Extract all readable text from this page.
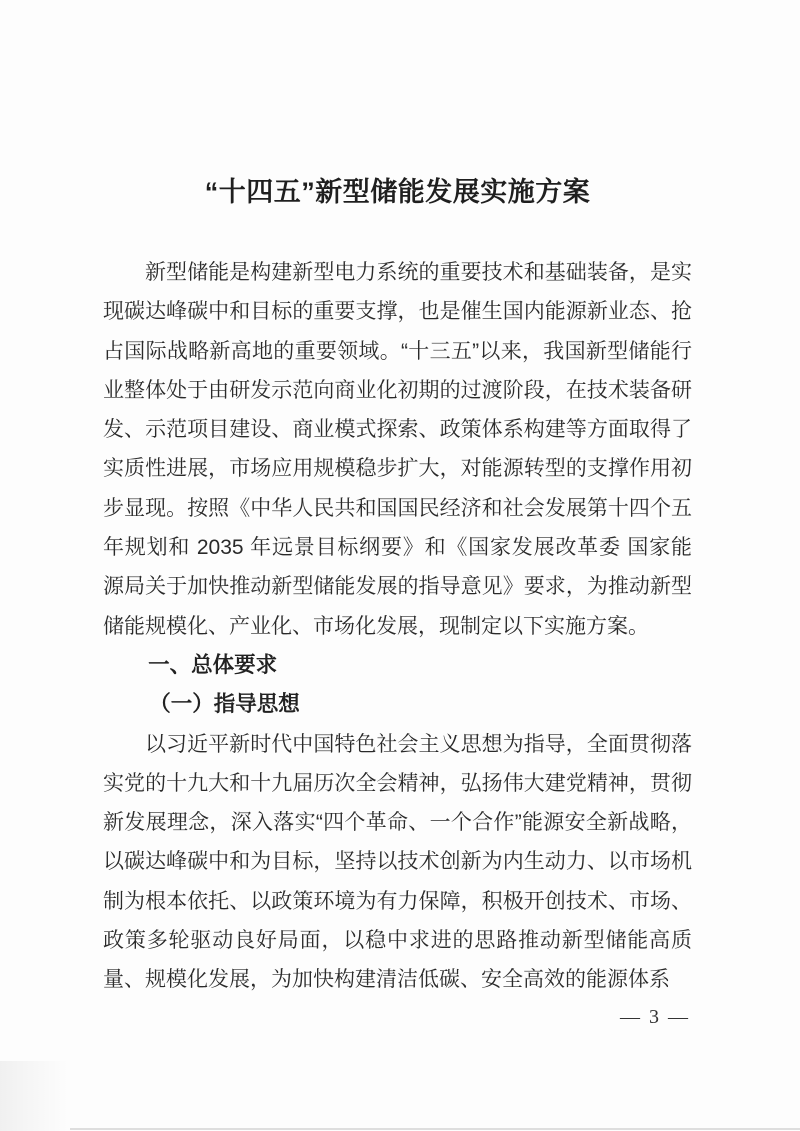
“十四五”新型储能发展实施方案

新型储能是构建新型电力系统的重要技术和基础装备，是实现碳达峰碳中和目标的重要支撑，也是催生国内能源新业态、抢占国际战略新高地的重要领域。“十三五”以来，我国新型储能行业整体处于由研发示范向商业化初期的过渡阶段，在技术装备研发、示范项目建设、商业模式探索、政策体系构建等方面取得了实质性进展，市场应用规模稳步扩大，对能源转型的支撑作用初步显现。按照《中华人民共和国国民经济和社会发展第十四个五年规划和 2035 年远景目标纲要》和《国家发展改革委 国家能源局关于加快推动新型储能发展的指导意见》要求，为推动新型储能规模化、产业化、市场化发展，现制定以下实施方案。

一、总体要求
（一）指导思想

以习近平新时代中国特色社会主义思想为指导，全面贯彻落实党的十九大和十九届历次全会精神，弘扬伟大建党精神，贯彻新发展理念，深入落实“四个革命、一个合作”能源安全新战略，以碳达峰碳中和为目标，坚持以技术创新为内生动力、以市场机制为根本依托、以政策环境为有力保障，积极开创技术、市场、政策多轮驱动良好局面，以稳中求进的思路推动新型储能高质量、规模化发展，为加快构建清洁低碳、安全高效的能源体系

— 3 —
